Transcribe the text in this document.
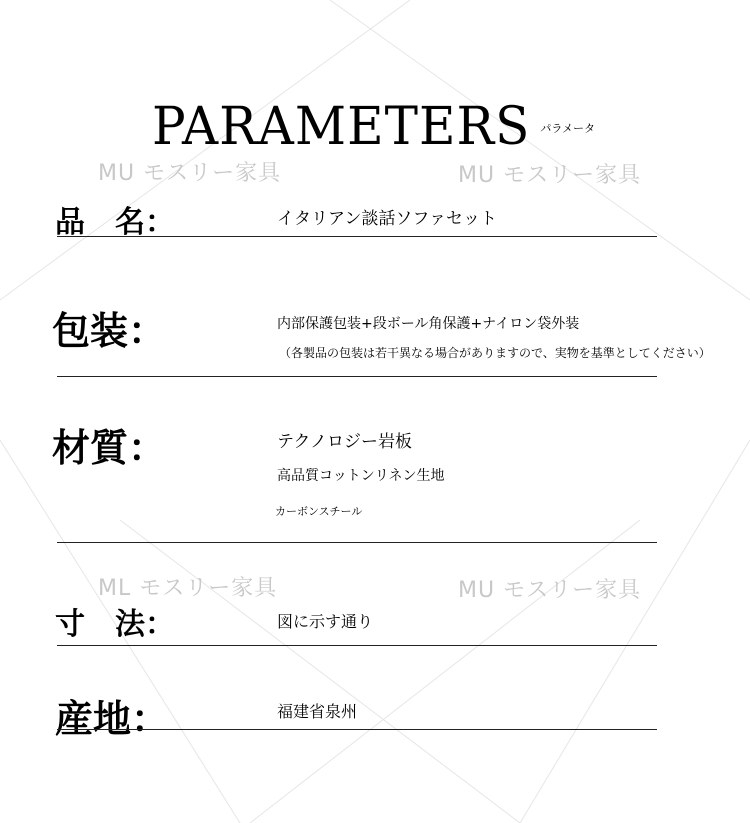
MU モスリー家具	MU モスリー家具
ML モスリー家具	MU モスリー家具
PARAMETERS パラメータ
品　名：	イタリアン談話ソファセット
包装：	内部保護包装+段ボール角保護+ナイロン袋外装
（各製品の包装は若干異なる場合がありますので、実物を基準としてください）
材質：	テクノロジー岩板
高品質コットンリネン生地
カーボンスチール
寸　法：	図に示す通り
産地：	福建省泉州
